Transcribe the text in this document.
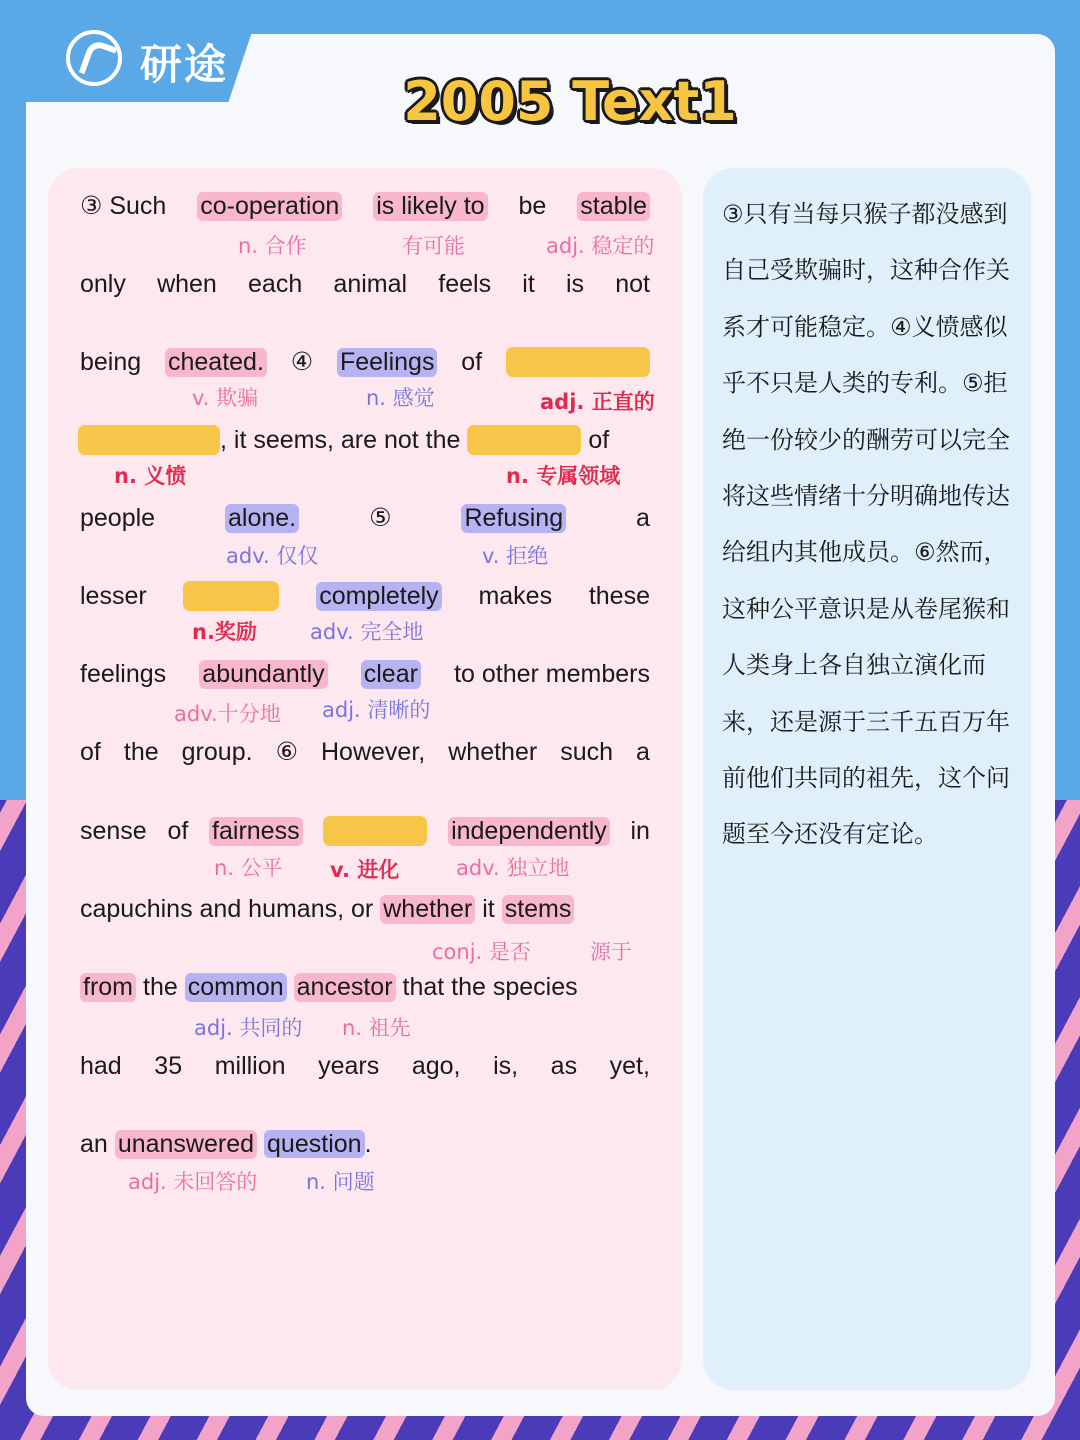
研途
2005 Text1
③ Such co-operation is likely to be stable
n. 合作	有可能	adj. 稳定的
only when each animal feels it is not
being cheated. ④ Feelings of
v. 欺骗	n. 感觉	adj. 正直的
, it seems, are not the	of
n. 义愤	n. 专属领域
people	alone.	⑤	Refusing	a
adv. 仅仅	v. 拒绝
lesser	completely makes these
n.奖励	adv. 完全地
feelings abundantly clear to other members
adv.十分地 adj. 清晰的
of the group. ⑥ However, whether such a
sense of fairness	independently in
n. 公平 v. 进化	adv. 独立地
capuchins and humans, or whether it stems
conj. 是否	源于
from the common ancestor that the species
adj. 共同的 n. 祖先
had 35 million years ago, is, as yet,
an unanswered question .
adj. 未回答的 n. 问题
③只有当每只猴子都没感到自己受欺骗时，这种合作关系才可能稳定。④义愤感似乎不只是人类的专利。⑤拒绝一份较少的酬劳可以完全将这些情绪十分明确地传达给组内其他成员。⑥然而，这种公平意识是从卷尾猴和人类身上各自独立演化而来，还是源于三千五百万年前他们共同的祖先，这个问题至今还没有定论。
